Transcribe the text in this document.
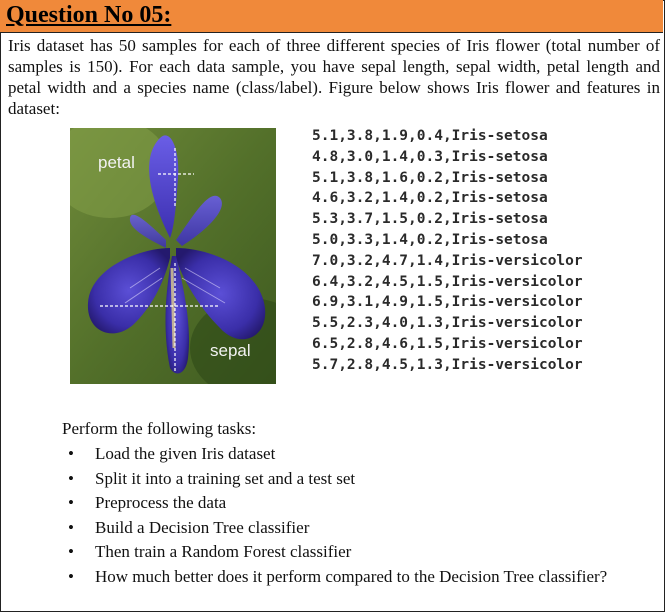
Question No 05:
Iris dataset has 50 samples for each of three different species of Iris flower (total number of samples is 150). For each data sample, you have sepal length, sepal width, petal length and petal width and a species name (class/label). Figure below shows Iris flower and features in dataset:
petal
sepal
5.1,3.8,1.9,0.4,Iris-setosa
4.8,3.0,1.4,0.3,Iris-setosa
5.1,3.8,1.6,0.2,Iris-setosa
4.6,3.2,1.4,0.2,Iris-setosa
5.3,3.7,1.5,0.2,Iris-setosa
5.0,3.3,1.4,0.2,Iris-setosa
7.0,3.2,4.7,1.4,Iris-versicolor
6.4,3.2,4.5,1.5,Iris-versicolor
6.9,3.1,4.9,1.5,Iris-versicolor
5.5,2.3,4.0,1.3,Iris-versicolor
6.5,2.8,4.6,1.5,Iris-versicolor
5.7,2.8,4.5,1.3,Iris-versicolor
Perform the following tasks:
• Load the given Iris dataset
• Split it into a training set and a test set
• Preprocess the data
• Build a Decision Tree classifier
• Then train a Random Forest classifier
• How much better does it perform compared to the Decision Tree classifier?
